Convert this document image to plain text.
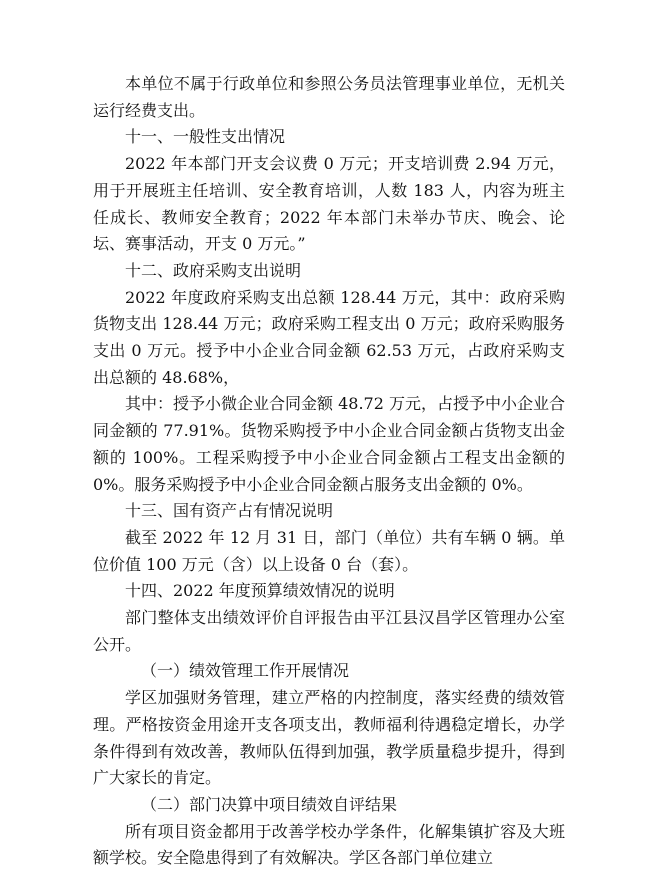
本单位不属于行政单位和参照公务员法管理事业单位，无机关运行经费支出。

十一、一般性支出情况

2022 年本部门开支会议费 0 万元；开支培训费 2.94 万元，用于开展班主任培训、安全教育培训，人数 183 人，内容为班主任成长、教师安全教育；2022 年本部门未举办节庆、晚会、论坛、赛事活动，开支 0 万元。”

十二、政府采购支出说明

2022 年度政府采购支出总额 128.44 万元，其中：政府采购货物支出 128.44 万元；政府采购工程支出 0 万元；政府采购服务支出 0 万元。授予中小企业合同金额 62.53 万元，占政府采购支出总额的 48.68%，

其中：授予小微企业合同金额 48.72 万元，占授予中小企业合同金额的 77.91%。货物采购授予中小企业合同金额占货物支出金额的 100%。工程采购授予中小企业合同金额占工程支出金额的 0%。服务采购授予中小企业合同金额占服务支出金额的 0%。

十三、国有资产占有情况说明

截至 2022 年 12 月 31 日，部门（单位）共有车辆 0 辆。单位价值 100 万元（含）以上设备 0 台（套）。

十四、2022 年度预算绩效情况的说明

部门整体支出绩效评价自评报告由平江县汉昌学区管理办公室公开。

（一）绩效管理工作开展情况

学区加强财务管理，建立严格的内控制度，落实经费的绩效管理。严格按资金用途开支各项支出，教师福利待遇稳定增长，办学条件得到有效改善，教师队伍得到加强，教学质量稳步提升，得到广大家长的肯定。

（二）部门决算中项目绩效自评结果

所有项目资金都用于改善学校办学条件，化解集镇扩容及大班额学校。安全隐患得到了有效解决。学区各部门单位建立
